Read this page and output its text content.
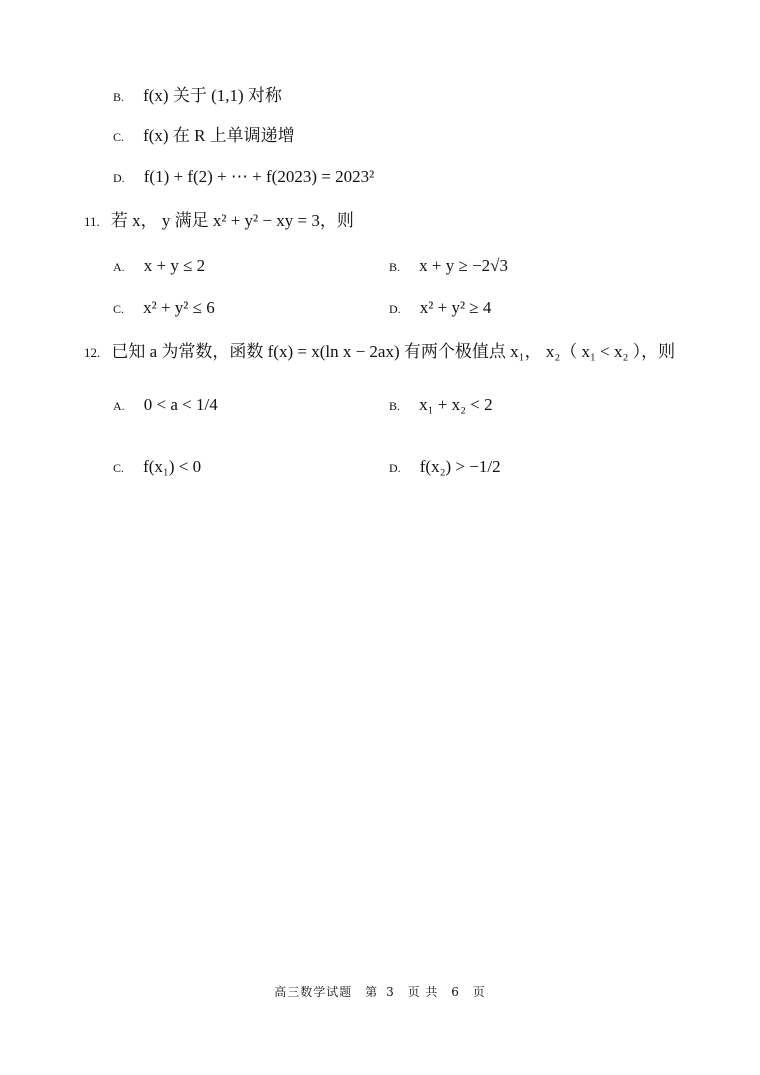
B. f(x) 关于 (1,1) 对称
C. f(x) 在 R 上单调递增
D. f(1) + f(2) + ⋯ + f(2023) = 2023²
11. 若 x， y 满足 x² + y² − xy = 3，则
A. x + y ≤ 2	B. x + y ≥ −2√3
C. x² + y² ≤ 6	D. x² + y² ≥ 4
12. 已知 a 为常数，函数 f(x) = x(ln x − 2ax) 有两个极值点 x₁， x₂（ x₁ < x₂ ），则
A. 0 < a < 1/4	B. x₁ + x₂ < 2
C. f(x₁) < 0	D. f(x₂) > −1/2
高三数学试题 第 3 页 共 6 页
